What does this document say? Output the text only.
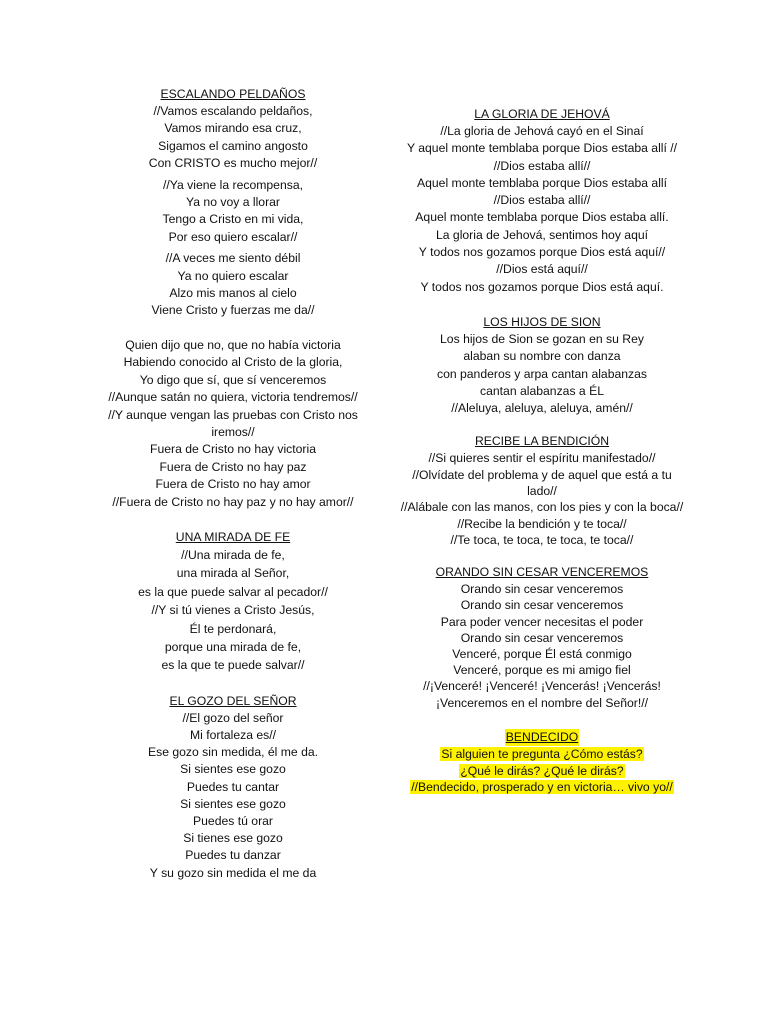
ESCALANDO PELDAÑOS
//Vamos escalando peldaños,
Vamos mirando esa cruz,
Sigamos el camino angosto
Con CRISTO es mucho mejor//
//Ya viene la recompensa,
Ya no voy a llorar
Tengo a Cristo en mi vida,
Por eso quiero escalar//
//A veces me siento débil
Ya no quiero escalar
Alzo mis manos al cielo
Viene Cristo y fuerzas me da//
Quien dijo que no, que no había victoria
Habiendo conocido al Cristo de la gloria,
Yo digo que sí, que sí venceremos
//Aunque satán no quiera, victoria tendremos//
//Y aunque vengan las pruebas con Cristo nos iremos//
Fuera de Cristo no hay victoria
Fuera de Cristo no hay paz
Fuera de Cristo no hay amor
//Fuera de Cristo no hay paz y no hay amor//
UNA MIRADA DE FE
//Una mirada de fe,
una mirada al Señor,
es la que puede salvar al pecador//
//Y si tú vienes a Cristo Jesús,
Él te perdonará,
porque una mirada de fe,
es la que te puede salvar//
EL GOZO DEL SEÑOR
//El gozo del señor
Mi fortaleza es//
Ese gozo sin medida, él me da.
Si sientes ese gozo
Puedes tu cantar
Si sientes ese gozo
Puedes tú orar
Si tienes ese gozo
Puedes tu danzar
Y su gozo sin medida el me da
LA GLORIA DE JEHOVÁ
//La gloria de Jehová cayó en el Sinaí
Y aquel monte temblaba porque Dios estaba allí //
//Dios estaba allí//
Aquel monte temblaba porque Dios estaba allí
//Dios estaba allí//
Aquel monte temblaba porque Dios estaba allí.
La gloria de Jehová, sentimos hoy aquí
Y todos nos gozamos porque Dios está aquí//
//Dios está aquí//
Y todos nos gozamos porque Dios está aquí.
LOS HIJOS DE SION
Los hijos de Sion se gozan en su Rey
alaban su nombre con danza
con panderos y arpa cantan alabanzas
cantan alabanzas a ÉL
//Aleluya, aleluya, aleluya, amén//
RECIBE LA BENDICIÓN
//Si quieres sentir el espíritu manifestado//
//Olvídate del problema y de aquel que está a tu lado//
//Alábale con las manos, con los pies y con la boca//
//Recibe la bendición y te toca//
//Te toca, te toca, te toca, te toca//
ORANDO SIN CESAR VENCEREMOS
Orando sin cesar venceremos
Orando sin cesar venceremos
Para poder vencer necesitas el poder
Orando sin cesar venceremos
Venceré, porque Él está conmigo
Venceré, porque es mi amigo fiel
//¡Venceré! ¡Venceré! ¡Vencerás! ¡Vencerás!
¡Venceremos en el nombre del Señor!//
BENDECIDO
Si alguien te pregunta ¿Cómo estás?
¿Qué le dirás? ¿Qué le dirás?
//Bendecido, prosperado y en victoria… vivo yo//
